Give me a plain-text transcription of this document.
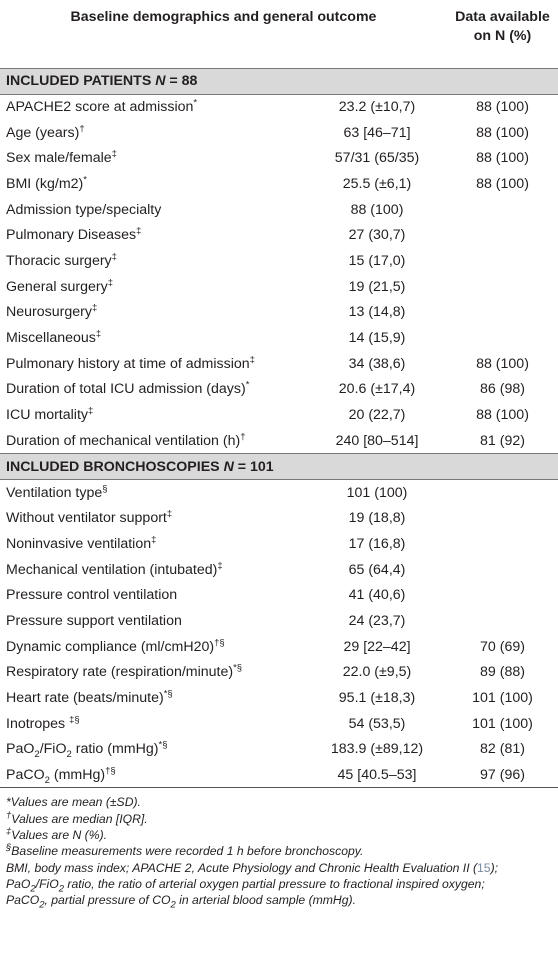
Baseline demographics and general outcome		Data available
on N (%)
INCLUDED PATIENTS N = 88		
APACHE2 score at admission*	23.2 (±10,7)	88 (100)
Age (years)†	63 [46–71]	88 (100)
Sex male/female‡	57/31 (65/35)	88 (100)
BMI (kg/m2)*	25.5 (±6,1)	88 (100)
Admission type/specialty	88 (100)	
Pulmonary Diseases‡	27 (30,7)	
Thoracic surgery‡	15 (17,0)	
General surgery‡	19 (21,5)	
Neurosurgery‡	13 (14,8)	
Miscellaneous‡	14 (15,9)	
Pulmonary history at time of admission‡	34 (38,6)	88 (100)
Duration of total ICU admission (days)*	20.6 (±17,4)	86 (98)
ICU mortality‡	20 (22,7)	88 (100)
Duration of mechanical ventilation (h)†	240 [80–514]	81 (92)
INCLUDED BRONCHOSCOPIES N = 101		
Ventilation type§	101 (100)	
Without ventilator support‡	19 (18,8)	
Noninvasive ventilation‡	17 (16,8)	
Mechanical ventilation (intubated)‡	65 (64,4)	
Pressure control ventilation	41 (40,6)	
Pressure support ventilation	24 (23,7)	
Dynamic compliance (ml/cmH20)†§	29 [22–42]	70 (69)
Respiratory rate (respiration/minute)*§	22.0 (±9,5)	89 (88)
Heart rate (beats/minute)*§	95.1 (±18,3)	101 (100)
Inotropes ‡§	54 (53,5)	101 (100)
PaO$_2$/FiO$_2$ ratio (mmHg)*§	183.9 (±89,12)	82 (81)
PaCO$_2$ (mmHg)†§	45 [40.5–53]	97 (96)
*Values are mean (±SD).
†Values are median [IQR].
‡Values are N (%).
§Baseline measurements were recorded 1 h before bronchoscopy.
BMI, body mass index; APACHE 2, Acute Physiology and Chronic Health Evaluation II (15);
PaO$_2$/FiO$_2$ ratio, the ratio of arterial oxygen partial pressure to fractional inspired oxygen;
PaCO$_2$, partial pressure of $CO_2$ in arterial blood sample (mmHg).
